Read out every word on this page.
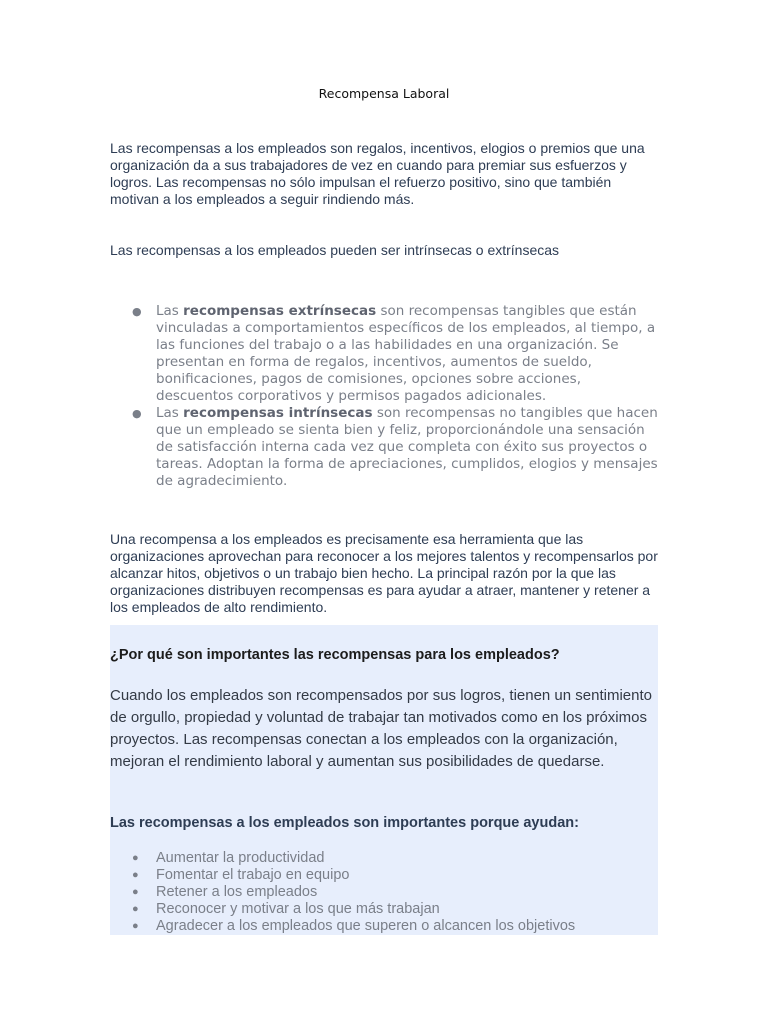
Recompensa Laboral

Las recompensas a los empleados son regalos, incentivos, elogios o premios que una organización da a sus trabajadores de vez en cuando para premiar sus esfuerzos y logros. Las recompensas no sólo impulsan el refuerzo positivo, sino que también motivan a los empleados a seguir rindiendo más.

Las recompensas a los empleados pueden ser intrínsecas o extrínsecas

● Las recompensas extrínsecas son recompensas tangibles que están vinculadas a comportamientos específicos de los empleados, al tiempo, a las funciones del trabajo o a las habilidades en una organización. Se presentan en forma de regalos, incentivos, aumentos de sueldo, bonificaciones, pagos de comisiones, opciones sobre acciones, descuentos corporativos y permisos pagados adicionales.
● Las recompensas intrínsecas son recompensas no tangibles que hacen que un empleado se sienta bien y feliz, proporcionándole una sensación de satisfacción interna cada vez que completa con éxito sus proyectos o tareas. Adoptan la forma de apreciaciones, cumplidos, elogios y mensajes de agradecimiento.

Una recompensa a los empleados es precisamente esa herramienta que las organizaciones aprovechan para reconocer a los mejores talentos y recompensarlos por alcanzar hitos, objetivos o un trabajo bien hecho. La principal razón por la que las organizaciones distribuyen recompensas es para ayudar a atraer, mantener y retener a los empleados de alto rendimiento.

¿Por qué son importantes las recompensas para los empleados?

Cuando los empleados son recompensados por sus logros, tienen un sentimiento de orgullo, propiedad y voluntad de trabajar tan motivados como en los próximos proyectos. Las recompensas conectan a los empleados con la organización, mejoran el rendimiento laboral y aumentan sus posibilidades de quedarse.

Las recompensas a los empleados son importantes porque ayudan:
● Aumentar la productividad
● Fomentar el trabajo en equipo
● Retener a los empleados
● Reconocer y motivar a los que más trabajan
● Agradecer a los empleados que superen o alcancen los objetivos
